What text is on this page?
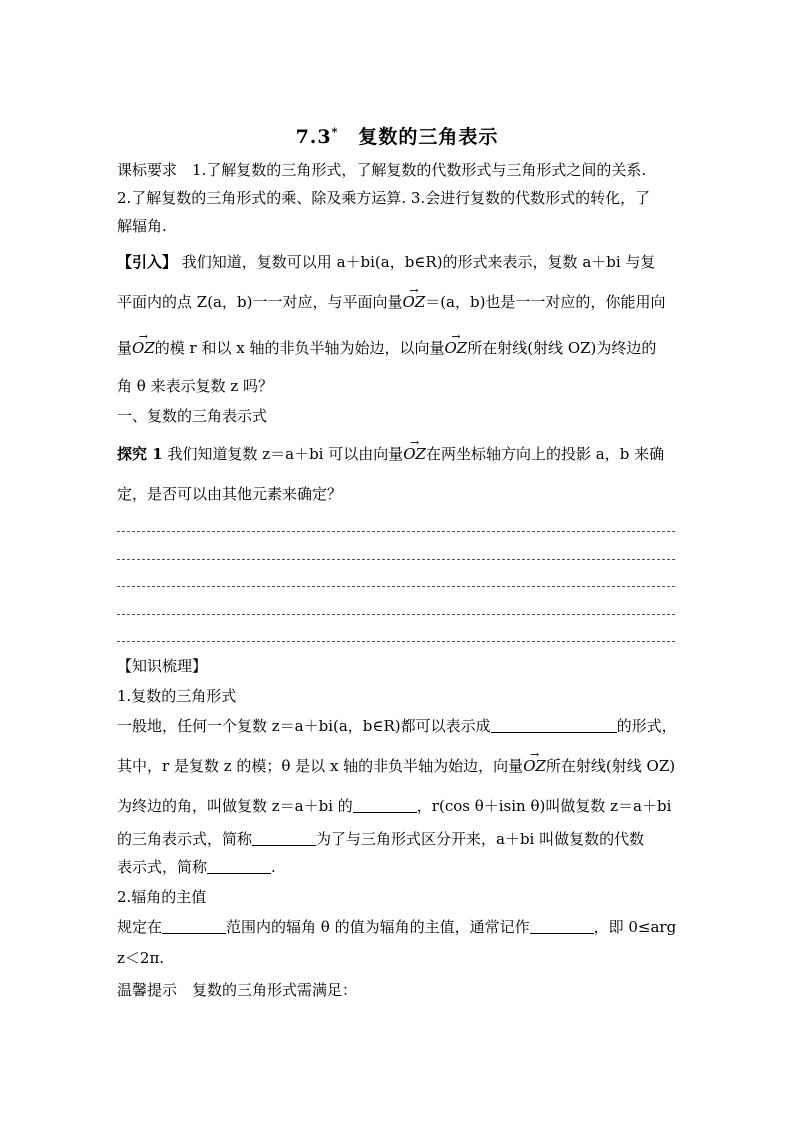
7.3*　 复数的三角表示
课标要求　1.了解复数的三角形式，了解复数的代数形式与三角形式之间的关系.
2.了解复数的三角形式的乘、除及乘方运算. 3.会进行复数的代数形式的转化，了
解辐角.
【引入】 我们知道，复数可以用 a＋bi(a，b∈R)的形式来表示，复数 a＋bi 与复
平面内的点 Z(a，b)一一对应，与平面向量→ OZ＝(a，b)也是一一对应的，你能用向
量→ OZ的模 r 和以 x 轴的非负半轴为始边，以向量→ OZ所在射线(射线 OZ)为终边的
角 θ 来表示复数 z 吗？
一、复数的三角表示式
探究 1 我们知道复数 z＝a＋bi 可以由向量→ OZ在两坐标轴方向上的投影 a，b 来确
定，是否可以由其他元素来确定？
【知识梳理】
1.复数的三角形式
一般地，任何一个复数 z＝a＋bi(a，b∈R)都可以表示成	的形式，
其中，r 是复数 z 的模；θ 是以 x 轴的非负半轴为始边，向量→ OZ所在射线(射线 OZ)
为终边的角，叫做复数 z＝a＋bi 的	，r(cos θ＋isin θ)叫做复数 z＝a＋bi
的三角表示式，简称	为了与三角形式区分开来，a＋bi 叫做复数的代数
表示式，简称	.
2.辐角的主值
规定在	范围内的辐角 θ 的值为辐角的主值，通常记作	，即 0≤arg
z＜2π.
温馨提示　复数的三角形式需满足：
